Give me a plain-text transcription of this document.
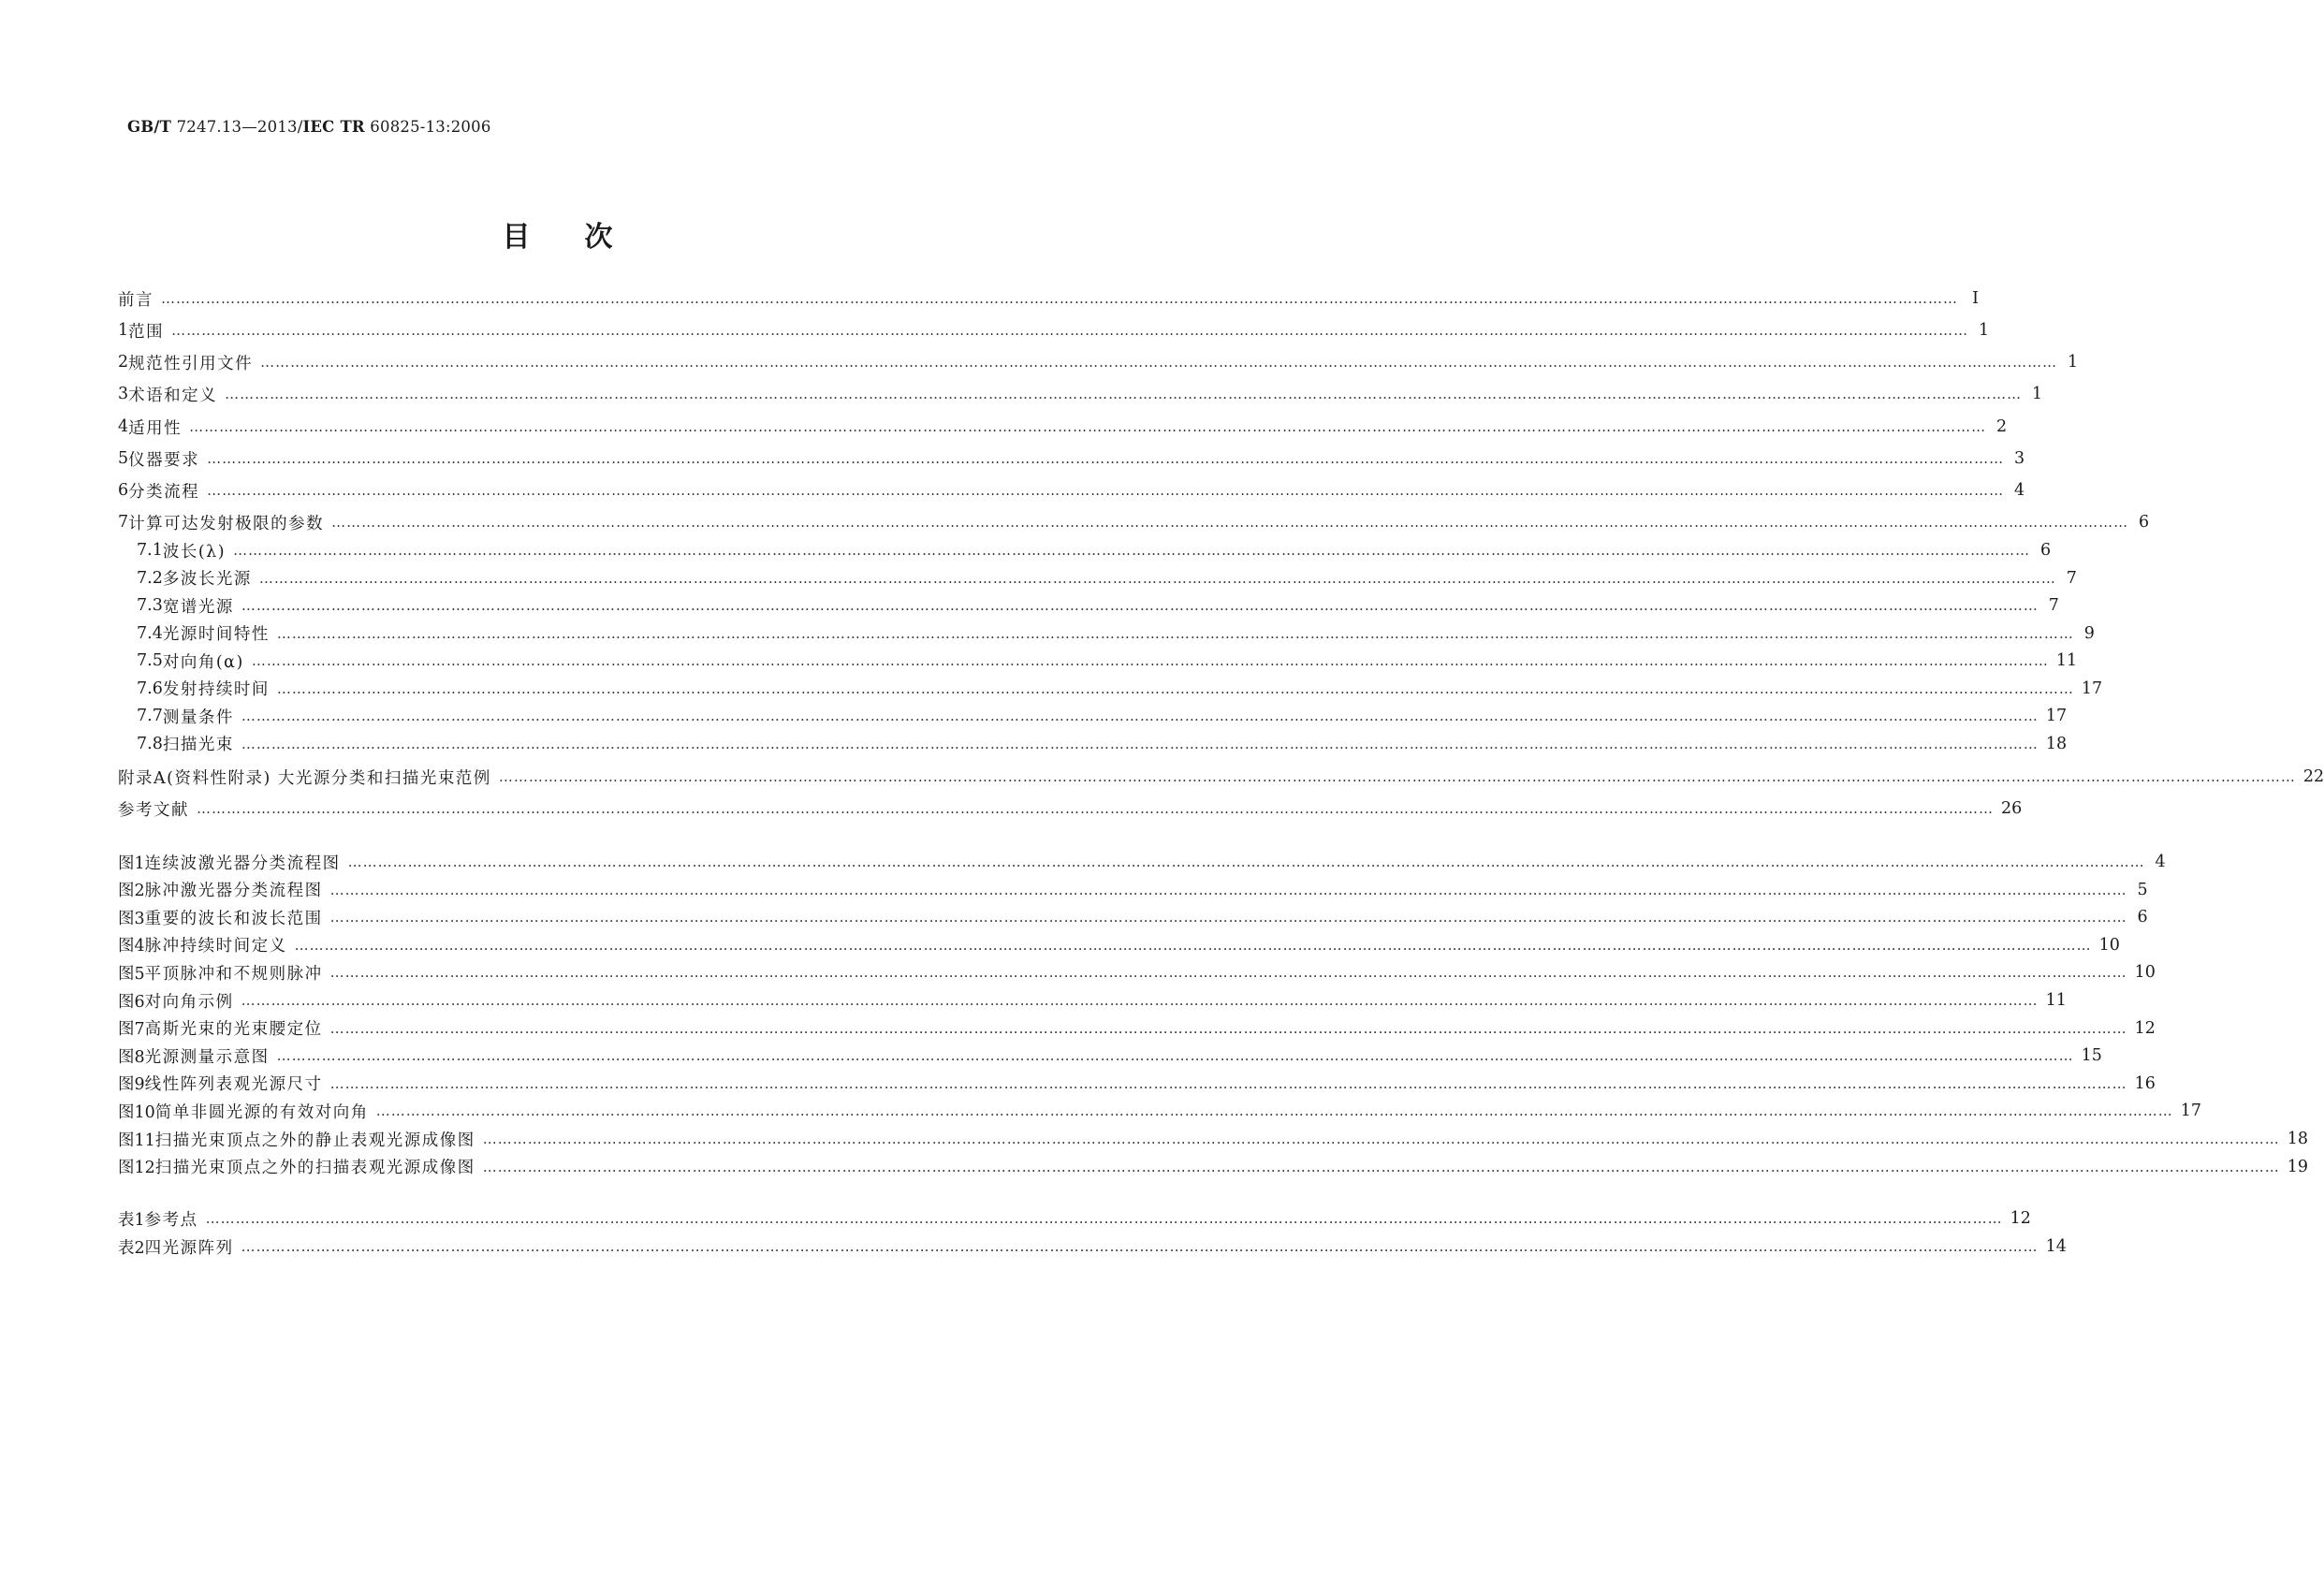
GB/T 7247.13—2013/IEC TR 60825-13:2006
目次
前言 ……………………………………………………………………………………………………………………………………………………………………………………………………………………………………………………………………………………………………………………………… Ⅰ
1 范围 ……………………………………………………………………………………………………………………………………………………………………………………………………………………………………………………………………………………………………………………………… 1
2 规范性引用文件 ……………………………………………………………………………………………………………………………………………………………………………………………………………………………………………………………………………………………………………………………… 1
3 术语和定义 ……………………………………………………………………………………………………………………………………………………………………………………………………………………………………………………………………………………………………………………………… 1
4 适用性 ……………………………………………………………………………………………………………………………………………………………………………………………………………………………………………………………………………………………………………………………… 2
5 仪器要求 ……………………………………………………………………………………………………………………………………………………………………………………………………………………………………………………………………………………………………………………………… 3
6 分类流程 ……………………………………………………………………………………………………………………………………………………………………………………………………………………………………………………………………………………………………………………………… 4
7 计算可达发射极限的参数 ……………………………………………………………………………………………………………………………………………………………………………………………………………………………………………………………………………………………………………………………… 6
7.1 波长(λ) ……………………………………………………………………………………………………………………………………………………………………………………………………………………………………………………………………………………………………………………………… 6
7.2 多波长光源 ……………………………………………………………………………………………………………………………………………………………………………………………………………………………………………………………………………………………………………………………… 7
7.3 宽谱光源 ……………………………………………………………………………………………………………………………………………………………………………………………………………………………………………………………………………………………………………………………… 7
7.4 光源时间特性 ……………………………………………………………………………………………………………………………………………………………………………………………………………………………………………………………………………………………………………………………… 9
7.5 对向角(α) ……………………………………………………………………………………………………………………………………………………………………………………………………………………………………………………………………………………………………………………………… 11
7.6 发射持续时间 ……………………………………………………………………………………………………………………………………………………………………………………………………………………………………………………………………………………………………………………………… 17
7.7 测量条件 ……………………………………………………………………………………………………………………………………………………………………………………………………………………………………………………………………………………………………………………………… 17
7.8 扫描光束 ……………………………………………………………………………………………………………………………………………………………………………………………………………………………………………………………………………………………………………………………… 18
附录A(资料性附录) 大光源分类和扫描光束范例 ……………………………………………………………………………………………………………………………………………………………………………………………………………………………………………………………………………………………………………………………… 22
参考文献 ……………………………………………………………………………………………………………………………………………………………………………………………………………………………………………………………………………………………………………………………… 26
图1 连续波激光器分类流程图 ……………………………………………………………………………………………………………………………………………………………………………………………………………………………………………………………………………………………………………………………… 4
图2 脉冲激光器分类流程图 ……………………………………………………………………………………………………………………………………………………………………………………………………………………………………………………………………………………………………………………………… 5
图3 重要的波长和波长范围 ……………………………………………………………………………………………………………………………………………………………………………………………………………………………………………………………………………………………………………………………… 6
图4 脉冲持续时间定义 ……………………………………………………………………………………………………………………………………………………………………………………………………………………………………………………………………………………………………………………………… 10
图5 平顶脉冲和不规则脉冲 ……………………………………………………………………………………………………………………………………………………………………………………………………………………………………………………………………………………………………………………………… 10
图6 对向角示例 ……………………………………………………………………………………………………………………………………………………………………………………………………………………………………………………………………………………………………………………………… 11
图7 高斯光束的光束腰定位 ……………………………………………………………………………………………………………………………………………………………………………………………………………………………………………………………………………………………………………………………… 12
图8 光源测量示意图 ……………………………………………………………………………………………………………………………………………………………………………………………………………………………………………………………………………………………………………………………… 15
图9 线性阵列表观光源尺寸 ……………………………………………………………………………………………………………………………………………………………………………………………………………………………………………………………………………………………………………………………… 16
图10 简单非圆光源的有效对向角 ……………………………………………………………………………………………………………………………………………………………………………………………………………………………………………………………………………………………………………………………… 17
图11 扫描光束顶点之外的静止表观光源成像图 ……………………………………………………………………………………………………………………………………………………………………………………………………………………………………………………………………………………………………………………………… 18
图12 扫描光束顶点之外的扫描表观光源成像图 ……………………………………………………………………………………………………………………………………………………………………………………………………………………………………………………………………………………………………………………………… 19
表1 参考点 ……………………………………………………………………………………………………………………………………………………………………………………………………………………………………………………………………………………………………………………………… 12
表2 四光源阵列 ……………………………………………………………………………………………………………………………………………………………………………………………………………………………………………………………………………………………………………………………… 14
